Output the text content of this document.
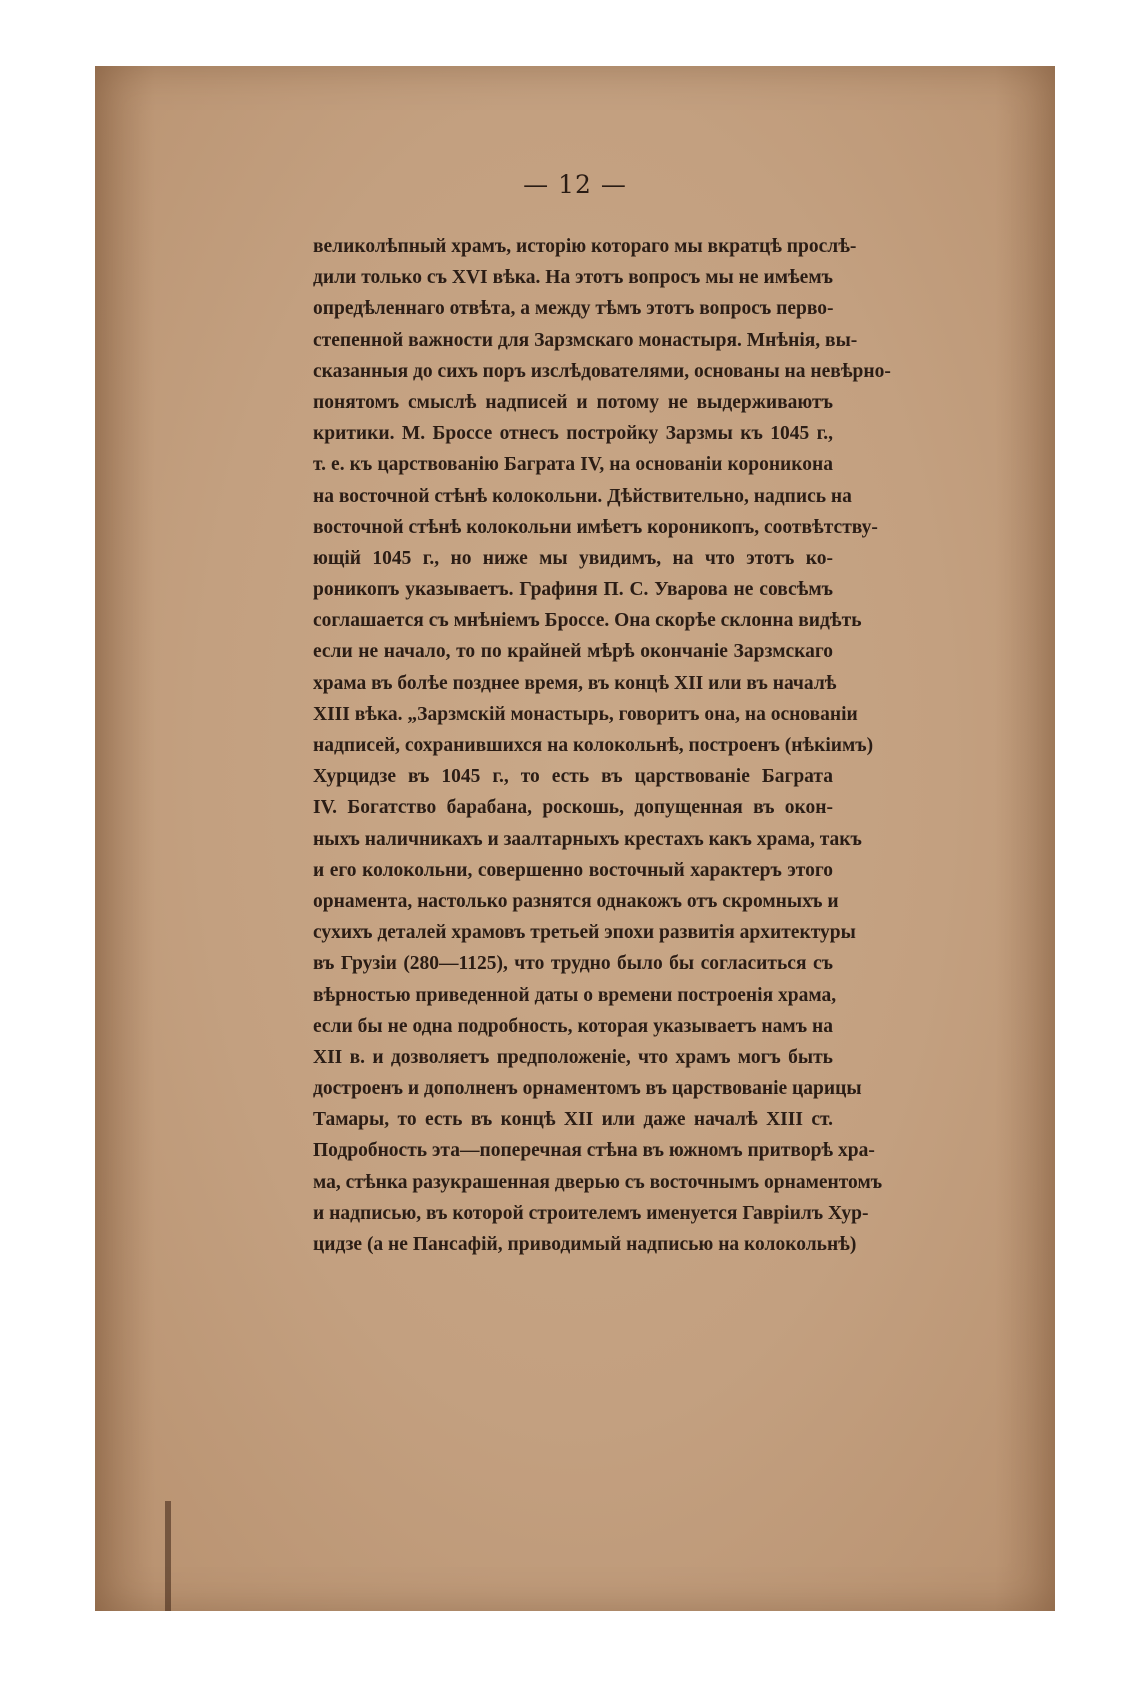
— 12 —
великолѣпный храмъ, исторію котораго мы вкратцѣ прослѣ-
дили только съ XVI вѣка. На этотъ вопросъ мы не имѣемъ
опредѣленнаго отвѣта, а между тѣмъ этотъ вопросъ перво-
степенной важности для Зарзмскаго монастыря. Мнѣнія, вы-
сказанныя до сихъ поръ изслѣдователями, основаны на невѣрно-
понятомъ смыслѣ надписей и потому не выдерживаютъ
критики. М. Броссе отнесъ постройку Зарзмы къ 1045 г.,
т. е. къ царствованію Баграта IV, на основаніи короникона
на восточной стѣнѣ колокольни. Дѣйствительно, надпись на
восточной стѣнѣ колокольни имѣетъ короникопъ, соотвѣтству-
ющій 1045 г., но ниже мы увидимъ, на что этотъ ко-
роникопъ указываетъ. Графиня П. С. Уварова не совсѣмъ
соглашается съ мнѣніемъ Броссе. Она скорѣе склонна видѣть
если не начало, то по крайней мѣрѣ окончаніе Зарзмскаго
храма въ болѣе позднее время, въ концѣ XII или въ началѣ
XIII вѣка. „Зарзмскій монастырь, говоритъ она, на основаніи
надписей, сохранившихся на колокольнѣ, построенъ (нѣкіимъ)
Хурцидзе въ 1045 г., то есть въ царствованіе Баграта
IV. Богатство барабана, роскошь, допущенная въ окон-
ныхъ наличникахъ и заалтарныхъ крестахъ какъ храма, такъ
и его колокольни, совершенно восточный характеръ этого
орнамента, настолько разнятся однакожъ отъ скромныхъ и
сухихъ деталей храмовъ третьей эпохи развитія архитектуры
въ Грузіи (280—1125), что трудно было бы согласиться съ
вѣрностью приведенной даты о времени построенія храма,
если бы не одна подробность, которая указываетъ намъ на
XII в. и дозволяетъ предположеніе, что храмъ могъ быть
достроенъ и дополненъ орнаментомъ въ царствованіе царицы
Тамары, то есть въ концѣ XII или даже началѣ XIII ст.
Подробность эта—поперечная стѣна въ южномъ притворѣ хра-
ма, стѣнка разукрашенная дверью съ восточнымъ орнаментомъ
и надписью, въ которой строителемъ именуется Гавріилъ Хур-
цидзе (а не Пансафій, приводимый надписью на колокольнѣ)
